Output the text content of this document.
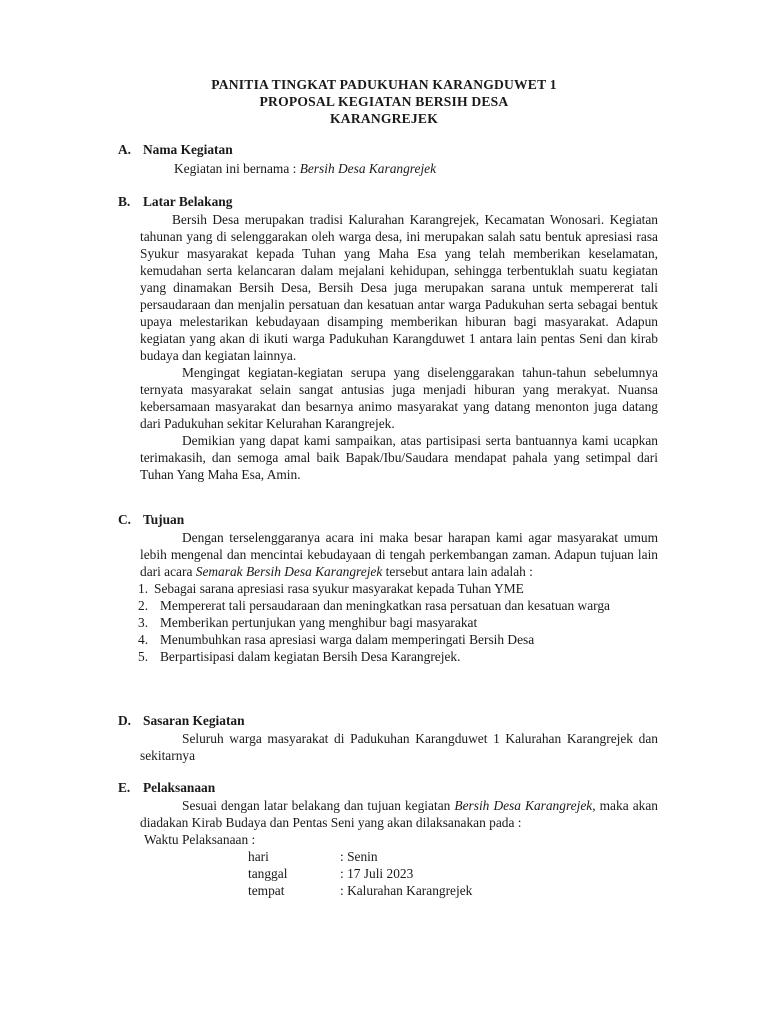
PANITIA TINGKAT PADUKUHAN KARANGDUWET 1
PROPOSAL KEGIATAN BERSIH DESA
KARANGREJEK
A. Nama Kegiatan
Kegiatan ini bernama : Bersih Desa Karangrejek
B. Latar Belakang
Bersih Desa merupakan tradisi Kalurahan Karangrejek, Kecamatan Wonosari. Kegiatan tahunan yang di selenggarakan oleh warga desa, ini merupakan salah satu bentuk apresiasi rasa Syukur masyarakat kepada Tuhan yang Maha Esa yang telah memberikan keselamatan, kemudahan serta kelancaran dalam mejalani kehidupan, sehingga terbentuklah suatu kegiatan yang dinamakan Bersih Desa, Bersih Desa juga merupakan sarana untuk mempererat tali persaudaraan dan menjalin persatuan dan kesatuan antar warga Padukuhan serta sebagai bentuk upaya melestarikan kebudayaan disamping memberikan hiburan bagi masyarakat. Adapun kegiatan yang akan di ikuti warga Padukuhan Karangduwet 1 antara lain pentas Seni dan kirab budaya dan kegiatan lainnya.
Mengingat kegiatan-kegiatan serupa yang diselenggarakan tahun-tahun sebelumnya ternyata masyarakat selain sangat antusias juga menjadi hiburan yang merakyat. Nuansa kebersamaan masyarakat dan besarnya animo masyarakat yang datang menonton juga datang dari Padukuhan sekitar Kelurahan Karangrejek.
Demikian yang dapat kami sampaikan, atas partisipasi serta bantuannya kami ucapkan terimakasih, dan semoga amal baik Bapak/Ibu/Saudara mendapat pahala yang setimpal dari Tuhan Yang Maha Esa, Amin.
C. Tujuan
Dengan terselenggaranya acara ini maka besar harapan kami agar masyarakat umum lebih mengenal dan mencintai kebudayaan di tengah perkembangan zaman. Adapun tujuan lain dari acara Semarak Bersih Desa Karangrejek tersebut antara lain adalah :
1. Sebagai sarana apresiasi rasa syukur masyarakat kepada Tuhan YME
2. Mempererat tali persaudaraan dan meningkatkan rasa persatuan dan kesatuan warga
3. Memberikan pertunjukan yang menghibur bagi masyarakat
4. Menumbuhkan rasa apresiasi warga dalam memperingati Bersih Desa
5. Berpartisipasi dalam kegiatan Bersih Desa Karangrejek.
D. Sasaran Kegiatan
Seluruh warga masyarakat di Padukuhan Karangduwet 1 Kalurahan Karangrejek dan sekitarnya
E. Pelaksanaan
Sesuai dengan latar belakang dan tujuan kegiatan Bersih Desa Karangrejek, maka akan diadakan Kirab Budaya dan Pentas Seni yang akan dilaksanakan pada :
Waktu Pelaksanaan :
hari	: Senin
tanggal	: 17 Juli 2023
tempat	: Kalurahan Karangrejek
